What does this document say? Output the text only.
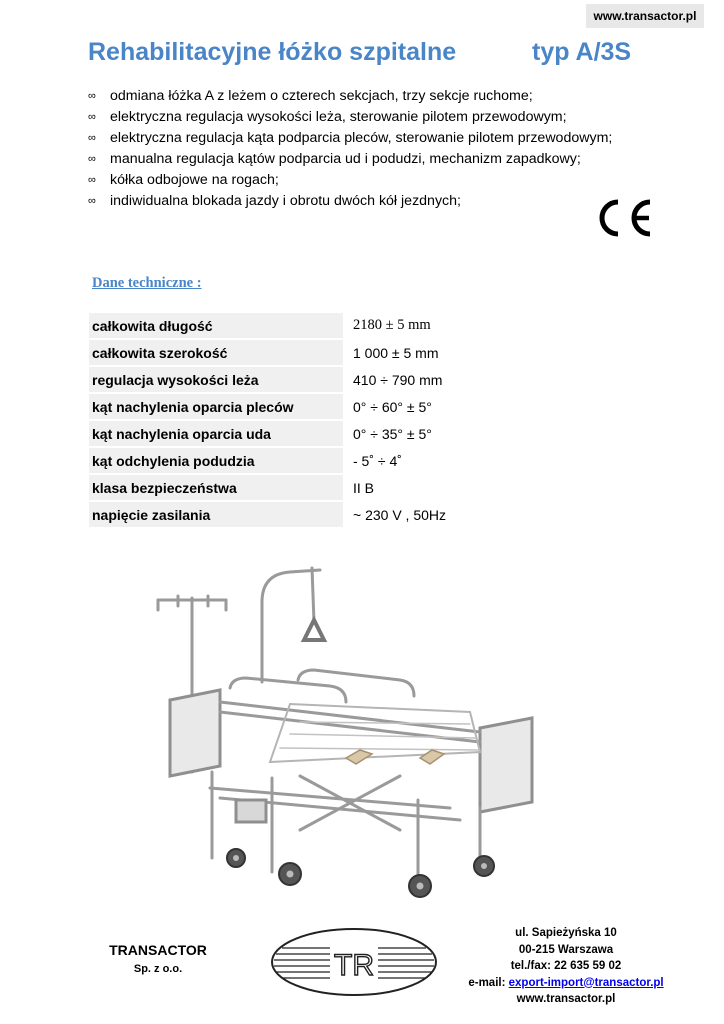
www.transactor.pl
Rehabilitacyjne łóżko szpitalne	typ A/3S
∞ odmiana łóżka A z leżem o czterech sekcjach, trzy sekcje ruchome;
∞ elektryczna regulacja wysokości leża, sterowanie pilotem przewodowym;
∞ elektryczna regulacja kąta podparcia pleców, sterowanie pilotem przewodowym;
∞ manualna regulacja kątów podparcia ud i podudzi, mechanizm zapadkowy;
∞ kółka odbojowe na rogach;
∞ indiwidualna blokada jazdy i obrotu dwóch kół jezdnych;
Dane techniczne :
całkowita długość	2180 ± 5 mm
całkowita szerokość	1 000 ± 5 mm
regulacja wysokości leża	410 ÷ 790 mm
kąt nachylenia oparcia pleców	0° ÷ 60° ± 5°
kąt nachylenia oparcia uda	0° ÷ 35° ± 5°
kąt odchylenia podudzia	- 5˚ ÷ 4˚
klasa bezpieczeństwa	II B
napięcie zasilania	~ 230 V , 50Hz
TRANSACTOR
Sp. z o.o.	TR
ul. Sapieżyńska 10
00-215 Warszawa
tel./fax: 22 635 59 02
e-mail: export-import@transactor.pl
www.transactor.pl
